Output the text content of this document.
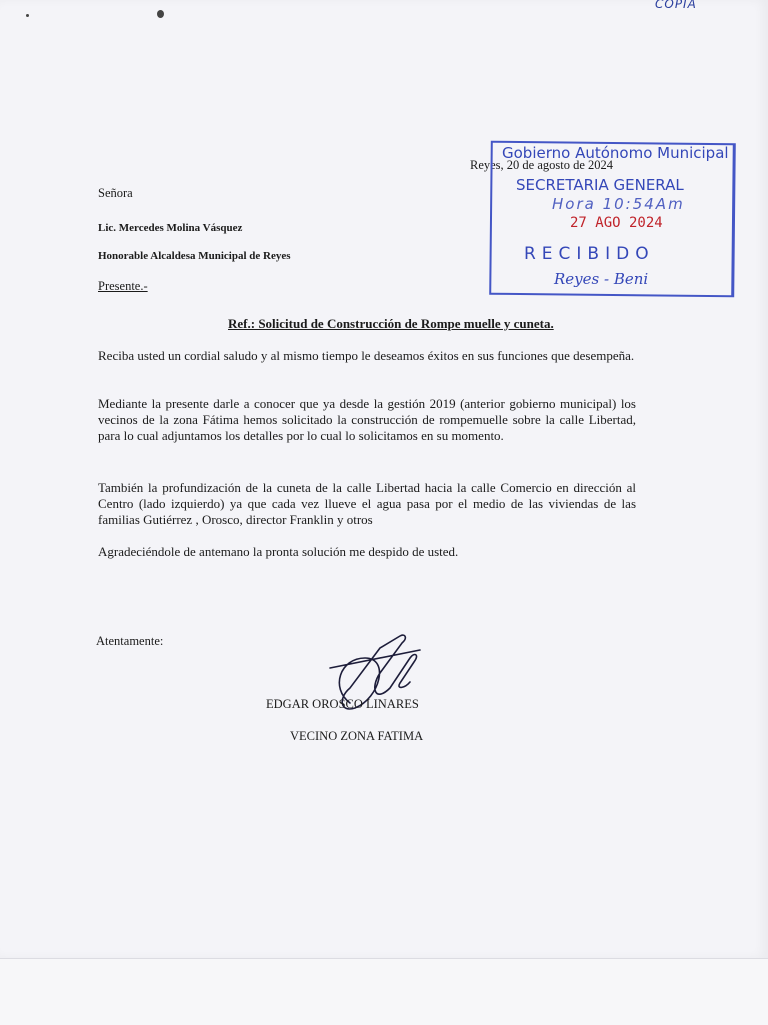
COPIA
Reyes, 20 de agosto de 2024
Señora
Lic. Mercedes Molina Vásquez
Honorable Alcaldesa Municipal de Reyes
Presente.-
Ref.: Solicitud de Construcción de Rompe muelle y cuneta.
Reciba usted un cordial saludo y al mismo tiempo le deseamos éxitos en sus funciones que desempeña.
Mediante la presente darle a conocer que ya desde la gestión 2019 (anterior gobierno municipal) los vecinos de la zona Fátima hemos solicitado la construcción de rompemuelle sobre la calle Libertad, para lo cual adjuntamos los detalles por lo cual lo solicitamos en su momento.
También la profundización de la cuneta de la calle Libertad hacia la calle Comercio en dirección al Centro (lado izquierdo) ya que cada vez llueve el agua pasa por el medio de las viviendas de las familias Gutiérrez , Orosco, director Franklin y otros
Agradeciéndole de antemano la pronta solución me despido de usted.
Atentamente:
EDGAR OROSCO LINARES
VECINO ZONA FATIMA
Gobierno Autónomo Municipal
SECRETARIA GENERAL
Hora 10:54Am
27 AGO 2024
RECIBIDO
Reyes - Beni
